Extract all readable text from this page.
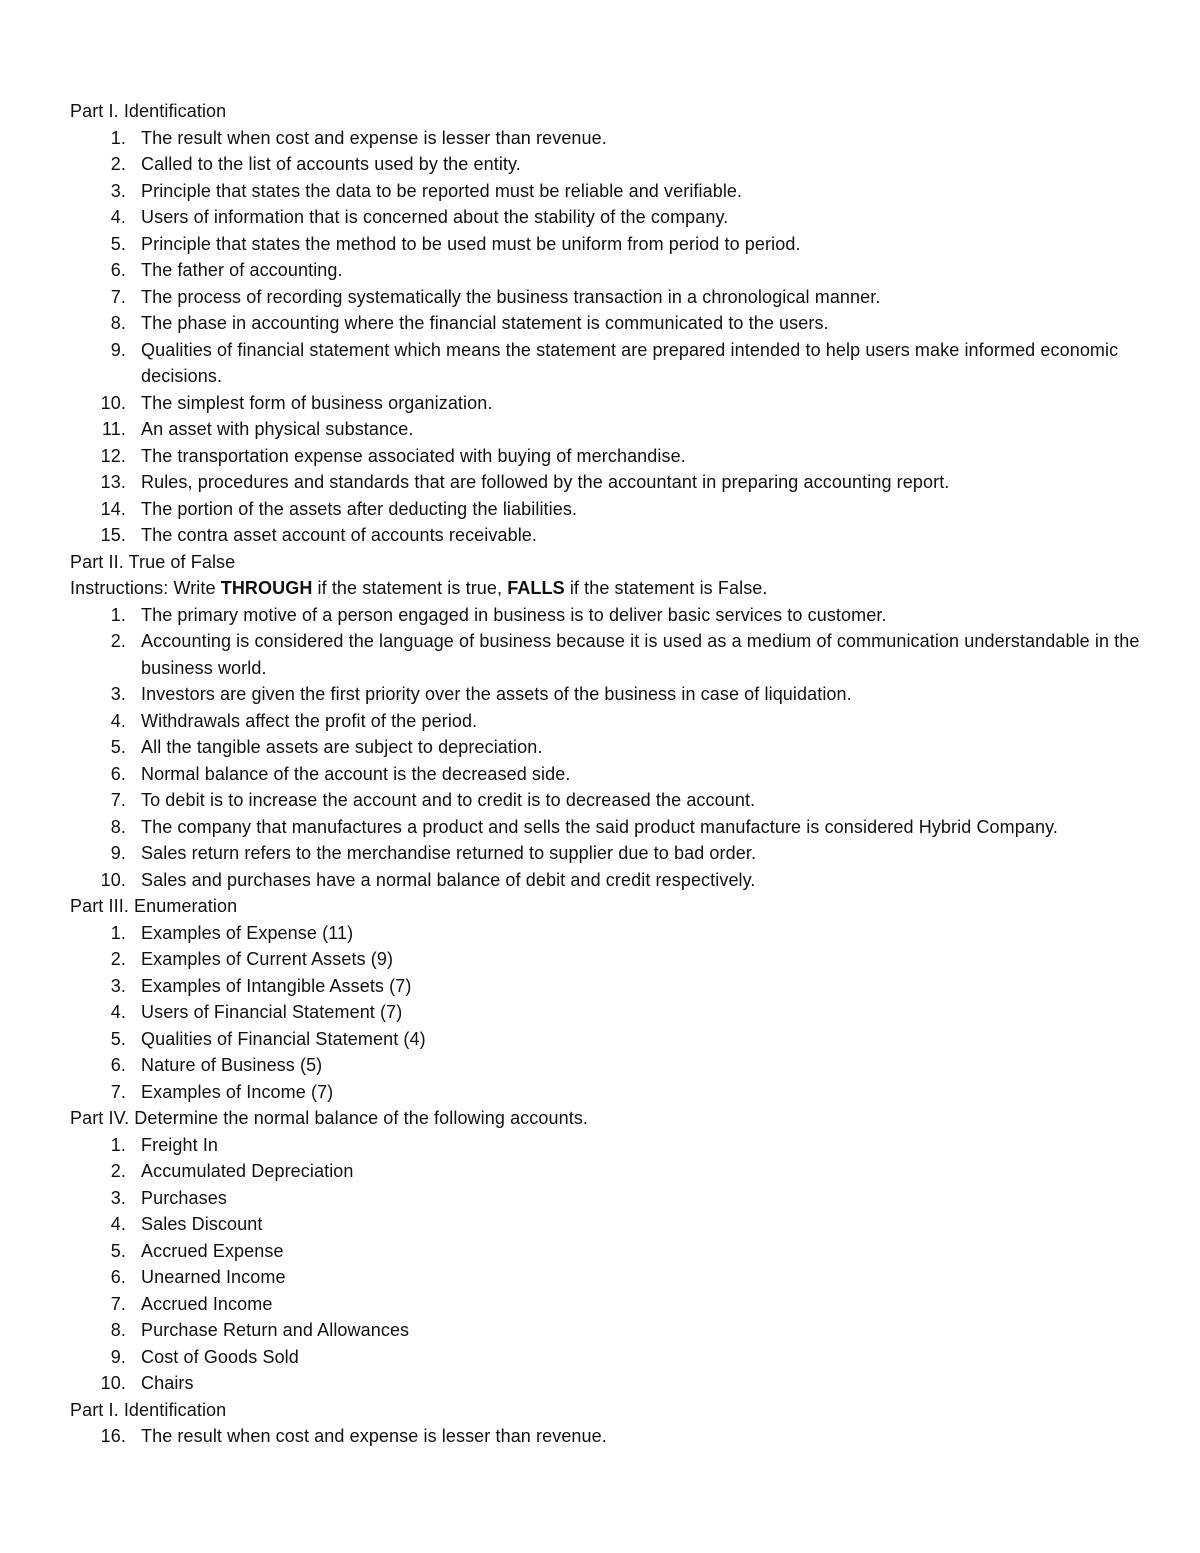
Part I. Identification
1. The result when cost and expense is lesser than revenue.
2. Called to the list of accounts used by the entity.
3. Principle that states the data to be reported must be reliable and verifiable.
4. Users of information that is concerned about the stability of the company.
5. Principle that states the method to be used must be uniform from period to period.
6. The father of accounting.
7. The process of recording systematically the business transaction in a chronological manner.
8. The phase in accounting where the financial statement is communicated to the users.
9. Qualities of financial statement which means the statement are prepared intended to help users make informed economic decisions.
10. The simplest form of business organization.
11. An asset with physical substance.
12. The transportation expense associated with buying of merchandise.
13. Rules, procedures and standards that are followed by the accountant in preparing accounting report.
14. The portion of the assets after deducting the liabilities.
15. The contra asset account of accounts receivable.
Part II. True of False
Instructions: Write THROUGH if the statement is true, FALLS if the statement is False.
1. The primary motive of a person engaged in business is to deliver basic services to customer.
2. Accounting is considered the language of business because it is used as a medium of communication understandable in the business world.
3. Investors are given the first priority over the assets of the business in case of liquidation.
4. Withdrawals affect the profit of the period.
5. All the tangible assets are subject to depreciation.
6. Normal balance of the account is the decreased side.
7. To debit is to increase the account and to credit is to decreased the account.
8. The company that manufactures a product and sells the said product manufacture is considered Hybrid Company.
9. Sales return refers to the merchandise returned to supplier due to bad order.
10. Sales and purchases have a normal balance of debit and credit respectively.
Part III. Enumeration
1. Examples of Expense (11)
2. Examples of Current Assets (9)
3. Examples of Intangible Assets (7)
4. Users of Financial Statement (7)
5. Qualities of Financial Statement (4)
6. Nature of Business (5)
7. Examples of Income (7)
Part IV. Determine the normal balance of the following accounts.
1. Freight In
2. Accumulated Depreciation
3. Purchases
4. Sales Discount
5. Accrued Expense
6. Unearned Income
7. Accrued Income
8. Purchase Return and Allowances
9. Cost of Goods Sold
10. Chairs
Part I. Identification
16. The result when cost and expense is lesser than revenue.
